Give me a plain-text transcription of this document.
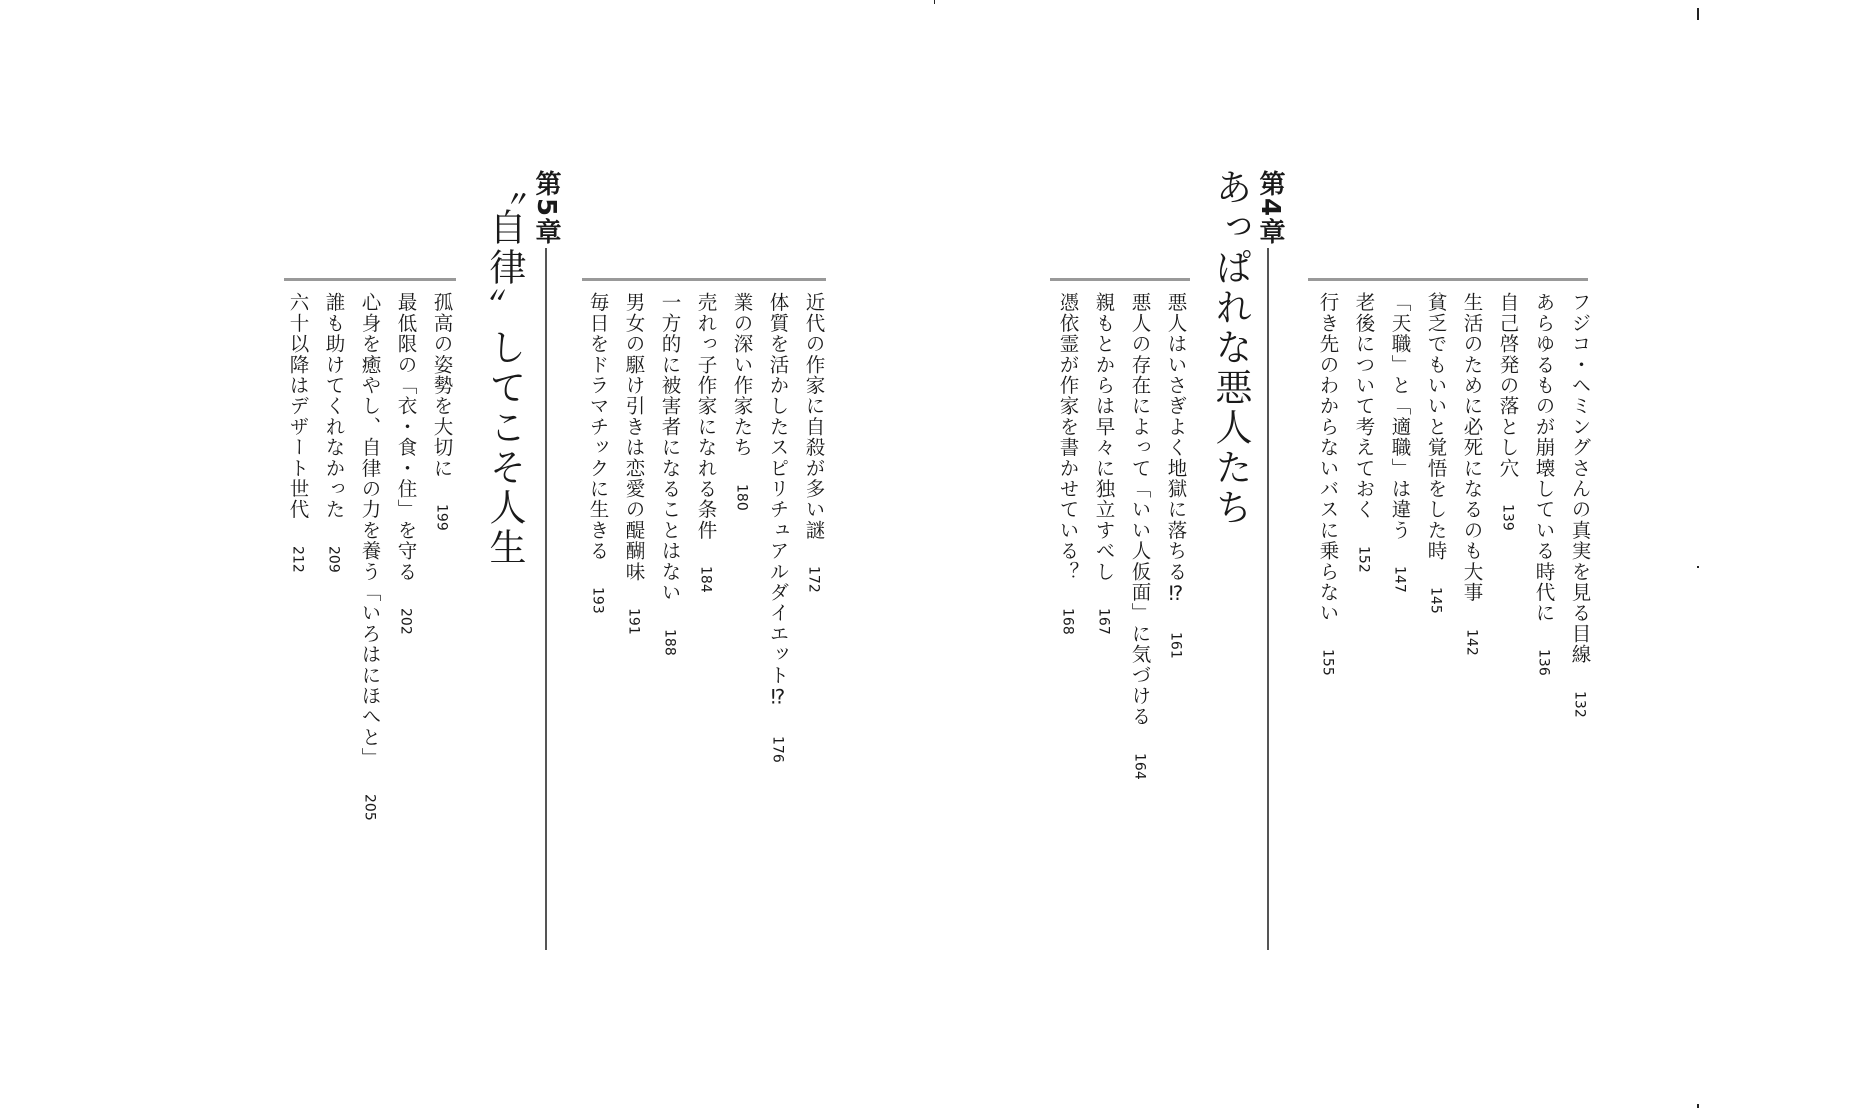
第4章
あっぱれな悪人たち	フジコ・ヘミングさんの真実を見る目線132
あらゆるものが崩壊している時代に136
自己啓発の落とし穴139
生活のために必死になるのも大事142
貧乏でもいいと覚悟をした時145
「天職」と「適職」は違う147
老後について考えておく152
行き先のわからないバスに乗らない155
悪人はいさぎよく地獄に落ちる⁉161
悪人の存在によって「いい人仮面」に気づける164
親もとからは早々に独立すべし167
憑依霊が作家を書かせている？168
第5章
〝自律〟してこそ人生	近代の作家に自殺が多い謎172
体質を活かしたスピリチュアルダイエット⁉176
業の深い作家たち180
売れっ子作家になれる条件184
一方的に被害者になることはない188
男女の駆け引きは恋愛の醍醐味191
毎日をドラマチックに生きる193
孤高の姿勢を大切に199
最低限の「衣・食・住」を守る202
心身を癒やし、自律の力を養う「いろはにほへと」205
誰も助けてくれなかった209
六十以降はデザート世代212
